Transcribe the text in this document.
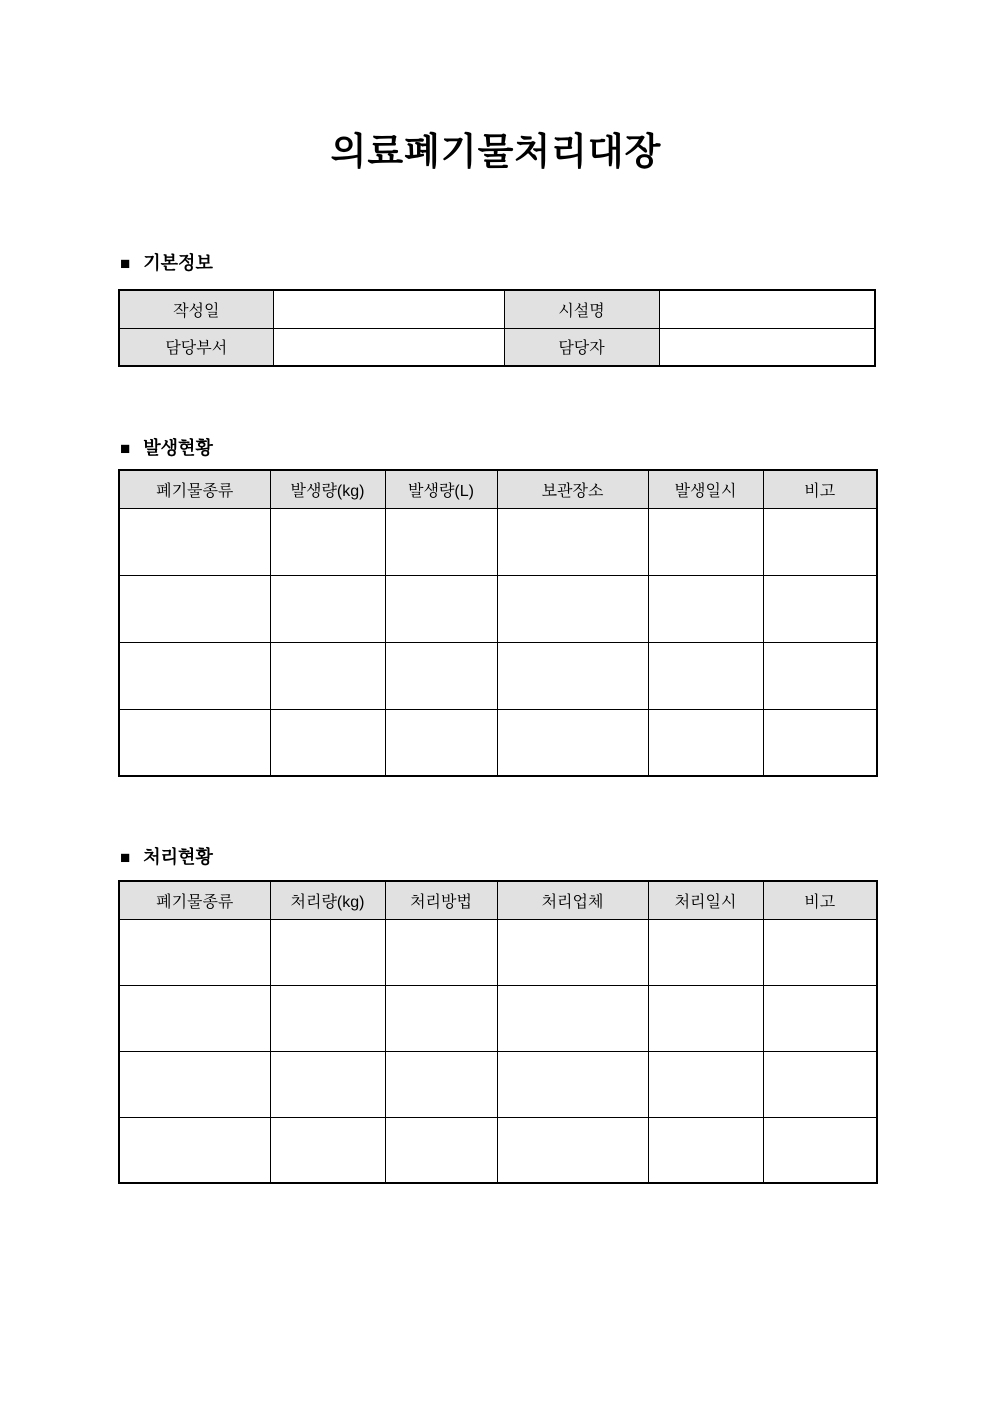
의료폐기물처리대장
■ 기본정보
작성일		시설명	
담당부서		담당자	
■ 발생현황
폐기물종류	발생량(kg)	발생량(L)	보관장소	발생일시	비고

■ 처리현황
폐기물종류	처리량(kg)	처리방법	처리업체	처리일시	비고
